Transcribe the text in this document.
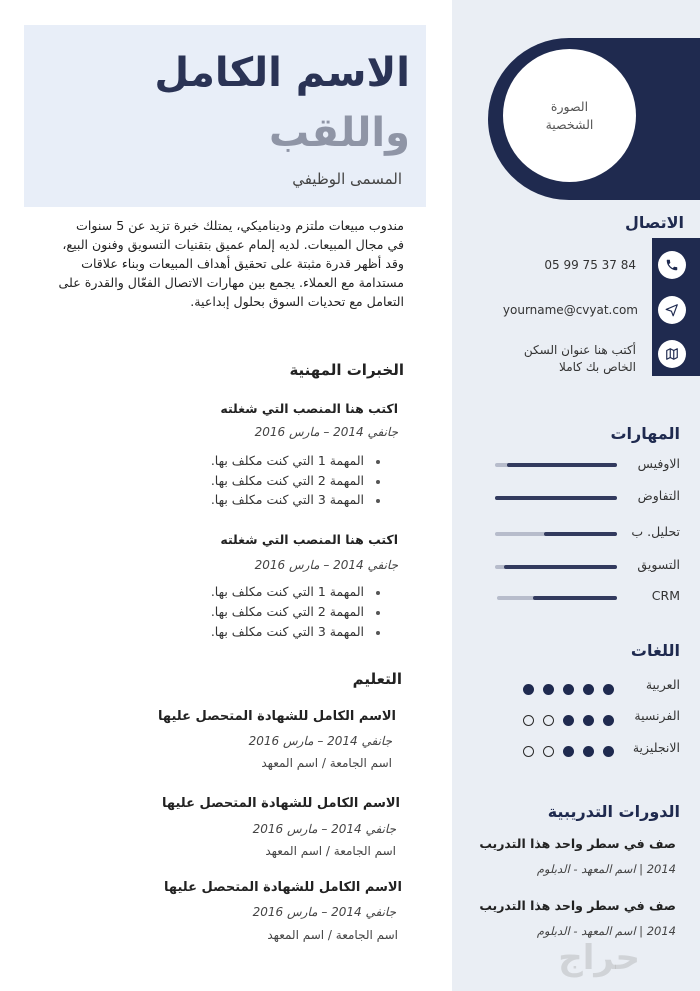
الصورة
الشخصية
الاتصال
05 99 75 37 84
yourname@cvyat.com
أكتب هنا عنوان السكن
الخاص بك كاملا
المهارات
الاوفيس
التفاوض
تحليل. ب
التسويق
CRM
اللغات
العربية
الفرنسية
الانجليزية
الدورات التدريبية
صف في سطر واحد هذا التدريب
2014 | اسم المعهد - الدبلوم
صف في سطر واحد هذا التدريب
2014 | اسم المعهد - الدبلوم
الاسم الكامل
واللقب
المسمى الوظيفي
مندوب مبيعات ملتزم وديناميكي، يمتلك خبرة تزيد عن 5 سنوات
في مجال المبيعات. لديه إلمام عميق بتقنيات التسويق وفنون البيع،
وقد أظهر قدرة مثبتة على تحقيق أهداف المبيعات وبناء علاقات
مستدامة مع العملاء. يجمع بين مهارات الاتصال الفعّال والقدرة على
التعامل مع تحديات السوق بحلول إبداعية.
الخبرات المهنية
اكتب هنا المنصب التي شغلته
جانفي 2014 – مارس 2016
المهمة 1 التي كنت مكلف بها.
المهمة 2 التي كنت مكلف بها.
المهمة 3 التي كنت مكلف بها.
اكتب هنا المنصب التي شغلته
جانفي 2014 – مارس 2016
المهمة 1 التي كنت مكلف بها.
المهمة 2 التي كنت مكلف بها.
المهمة 3 التي كنت مكلف بها.
التعليم
الاسم الكامل للشهادة المتحصل عليها
جانفي 2014 – مارس 2016
اسم الجامعة / اسم المعهد
الاسم الكامل للشهادة المتحصل عليها
جانفي 2014 – مارس 2016
اسم الجامعة / اسم المعهد
الاسم الكامل للشهادة المتحصل عليها
جانفي 2014 – مارس 2016
اسم الجامعة / اسم المعهد
حراج
